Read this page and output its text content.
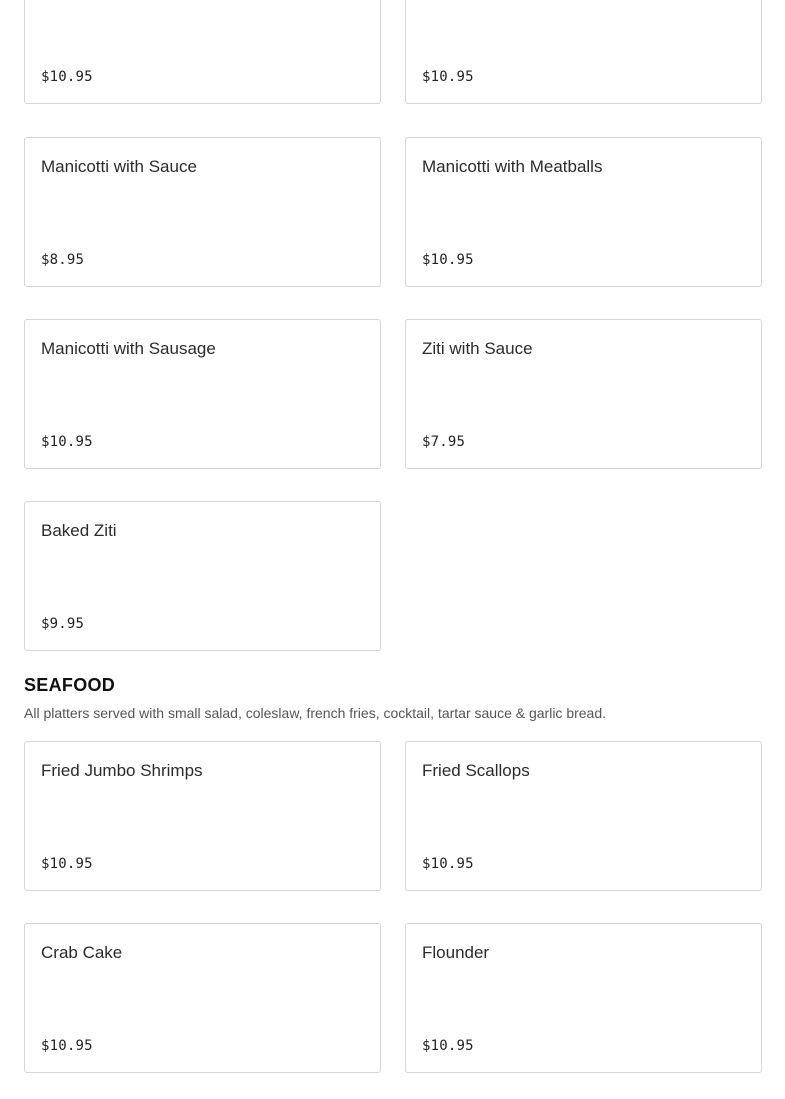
$10.95	$10.95
Manicotti with Sauce
$8.95
Manicotti with Meatballs
$10.95
Manicotti with Sausage
$10.95
Ziti with Sauce
$7.95
Baked Ziti
$9.95
SEAFOOD

All platters served with small salad, coleslaw, french fries, cocktail, tartar sauce & garlic bread.

Fried Jumbo Shrimps
$10.95
Fried Scallops
$10.95
Crab Cake
$10.95
Flounder
$10.95
